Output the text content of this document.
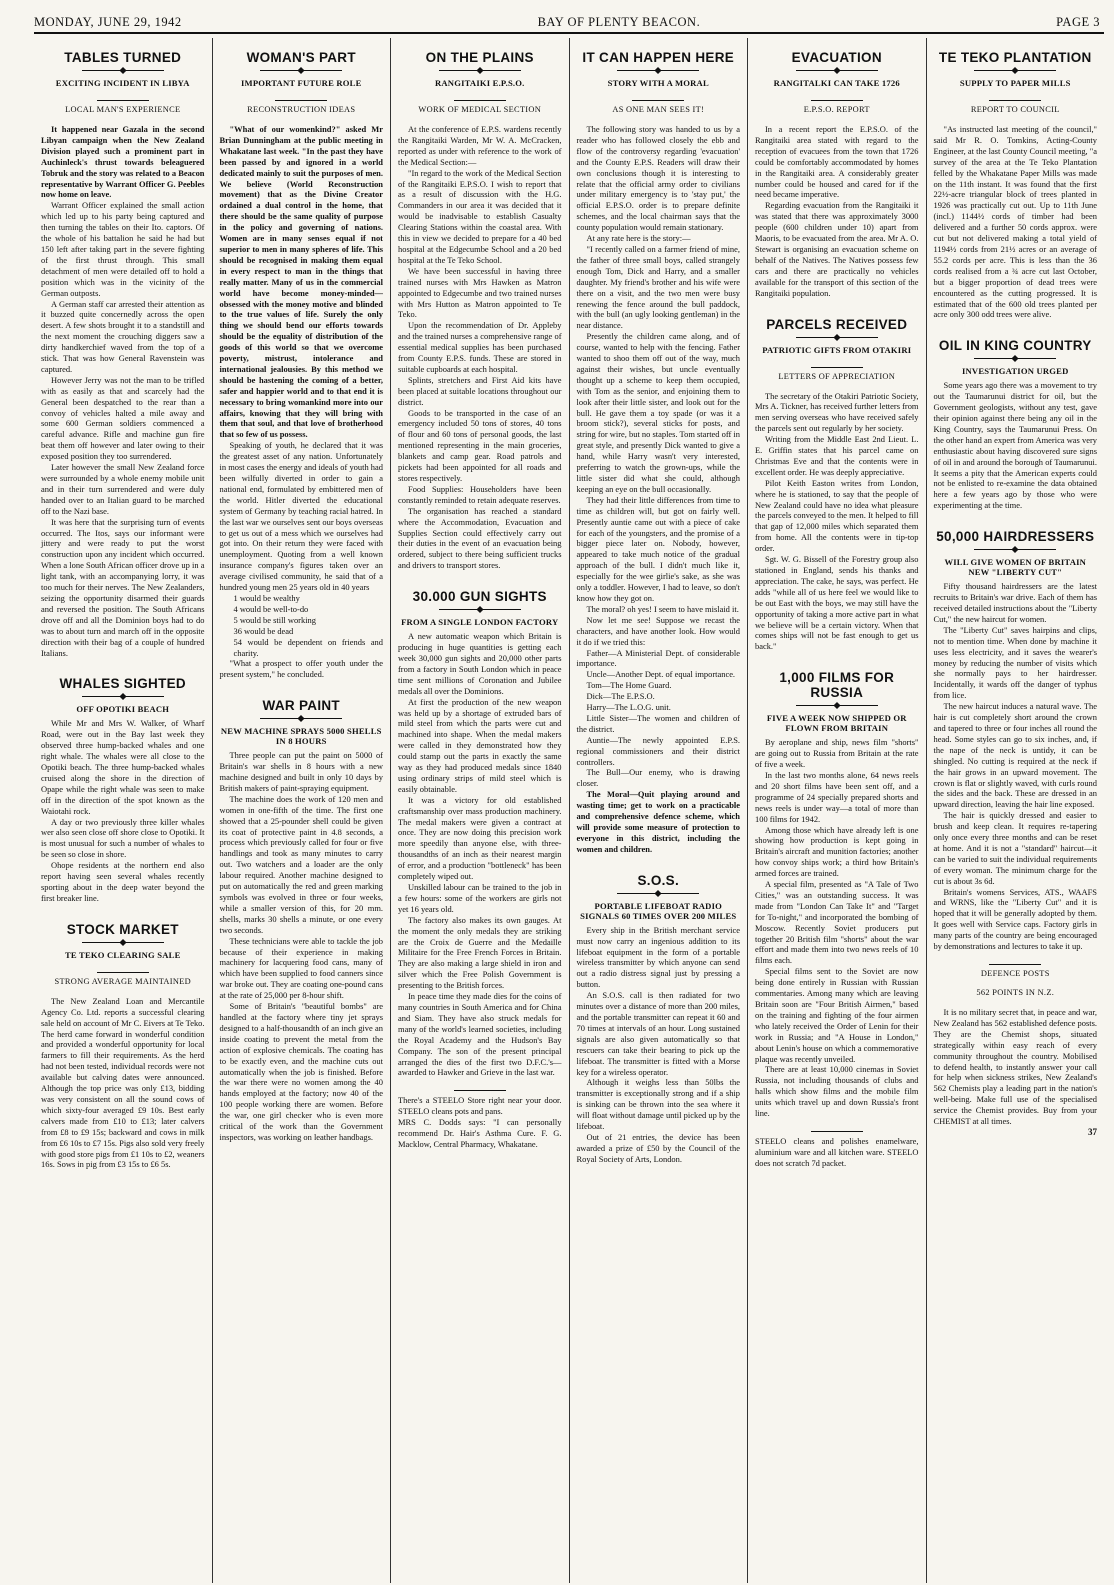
MONDAY, JUNE 29, 1942	BAY OF PLENTY BEACON.	PAGE 3
TABLES TURNED
EXCITING INCIDENT IN LIBYA
LOCAL MAN'S EXPERIENCE

It happened near Gazala in the second Libyan campaign when the New Zealand Division played such a prominent part in Auchinleck's thrust towards beleaguered Tobruk and the story was related to a Beacon representative by Warrant Officer G. Peebles now home on leave.

Warrant Officer explained the small action which led up to his party being captured and then turning the tables on their Ito. captors. Of the whole of his battalion he said he had but 150 left after taking part in the severe fighting of the first thrust through. This small detachment of men were detailed off to hold a position which was in the vicinity of the German outposts.

A German staff car arrested their attention as it buzzed quite concernedly across the open desert. A few shots brought it to a standstill and the next moment the crouching diggers saw a dirty handkerchief waved from the top of a stick. That was how General Ravenstein was captured.

However Jerry was not the man to be trifled with as easily as that and scarcely had the General been despatched to the rear than a convoy of vehicles halted a mile away and some 600 German soldiers commenced a careful advance. Rifle and machine gun fire beat them off however and later owing to their exposed position they too surrendered.

Later however the small New Zealand force were surrounded by a whole enemy mobile unit and in their turn surrendered and were duly handed over to an Italian guard to be marched off to the Nazi base.

It was here that the surprising turn of events occurred. The Itos, says our informant were jittery and were ready to put the worst construction upon any incident which occurred. When a lone South African officer drove up in a light tank, with an accompanying lorry, it was too much for their nerves. The New Zealanders, seizing the opportunity disarmed their guards and reversed the position. The South Africans drove off and all the Dominion boys had to do was to about turn and march off in the opposite direction with their bag of a couple of hundred Italians.

WHALES SIGHTED
OFF OPOTIKI BEACH

While Mr and Mrs W. Walker, of Wharf Road, were out in the Bay last week they observed three hump-backed whales and one right whale. The whales were all close to the Opotiki beach. The three hump-backed whales cruised along the shore in the direction of Opape while the right whale was seen to make off in the direction of the spot known as the Waiotahi rock.

A day or two previously three killer whales wer also seen close off shore close to Opotiki. It is most unusual for such a number of whales to be seen so close in shore.

Ohope residents at the northern end also report having seen several whales recently sporting about in the deep water beyond the first breaker line.

STOCK MARKET
TE TEKO CLEARING SALE
STRONG AVERAGE MAINTAINED

The New Zealand Loan and Mercantile Agency Co. Ltd. reports a successful clearing sale held on account of Mr C. Eivers at Te Teko. The herd came forward in wonderful condition and provided a wonderful opportunity for local farmers to fill their requirements. As the herd had not been tested, individual records were not available but calving dates were announced. Although the top price was only £13, bidding was very consistent on all the sound cows of which sixty-four averaged £9 10s. Best early calvers made from £10 to £13; later calvers from £8 to £9 15s; backward and cows in milk from £6 10s to £7 15s. Pigs also sold very freely with good store pigs from £1 10s to £2, weaners 16s. Sows in pig from £3 15s to £6 5s.

WOMAN'S PART
IMPORTANT FUTURE ROLE
RECONSTRUCTION IDEAS

"What of our womenkind?" asked Mr Brian Dunningham at the public meeting in Whakatane last week. "In the past they have been passed by and ignored in a world dedicated mainly to suit the purposes of men. We believe (World Reconstruction movement) that as the Divine Creator ordained a dual control in the home, that there should be the same quality of purpose in the policy and governing of nations. Women are in many senses equal if not superior to men in many spheres of life. This should be recognised in making them equal in every respect to man in the things that really matter. Many of us in the commercial world have become money-minded—obsessed with the money motive and blinded to the true values of life. Surely the only thing we should bend our efforts towards should be the equality of distribution of the goods of this world so that we overcome poverty, mistrust, intolerance and international jealousies. By this method we should be hastening the coming of a better, safer and happier world and to that end it is necessary to bring womankind more into our affairs, knowing that they will bring with them that soul, and that love of brotherhood that so few of us possess.

Speaking of youth, he declared that it was the greatest asset of any nation. Unfortunately in most cases the energy and ideals of youth had been wilfully diverted in order to gain a national end, formulated by embittered men of the world. Hitler diverted the educational system of Germany by teaching racial hatred. In the last war we ourselves sent our boys overseas to get us out of a mess which we ourselves had got into. On their return they were faced with unemployment. Quoting from a well known insurance company's figures taken over an average civilised community, he said that of a hundred young men 25 years old in 40 years

1 would be wealthy

4 would be well-to-do

5 would be still working

36 would be dead

54 would be dependent on friends and charity.

"What a prospect to offer youth under the present system," he concluded.

WAR PAINT
NEW MACHINE SPRAYS 5000 SHELLS IN 8 HOURS

Three people can put the paint on 5000 of Britain's war shells in 8 hours with a new machine designed and built in only 10 days by British makers of paint-spraying equipment.

The machine does the work of 120 men and women in one-fifth of the time. The first one showed that a 25-pounder shell could be given its coat of protective paint in 4.8 seconds, a process which previously called for four or five handlings and took as many minutes to carry out. Two watchers and a loader are the only labour required. Another machine designed to put on automatically the red and green marking symbols was evolved in three or four weeks, while a smaller version of this, for 20 mm. shells, marks 30 shells a minute, or one every two seconds.

These technicians were able to tackle the job because of their experience in making machinery for lacquering food cans, many of which have been supplied to food canners since war broke out. They are coating one-pound cans at the rate of 25,000 per 8-hour shift.

Some of Britain's "beautiful bombs" are handled at the factory where tiny jet sprays designed to a half-thousandth of an inch give an inside coating to prevent the metal from the action of explosive chemicals. The coating has to be exactly even, and the machine cuts out automatically when the job is finished. Before the war there were no women among the 40 hands employed at the factory; now 40 of the 100 people working there are women. Before the war, one girl checker who is even more critical of the work than the Government inspectors, was working on leather handbags.

ON THE PLAINS
RANGITAIKI E.P.S.O.
WORK OF MEDICAL SECTION

At the conference of E.P.S. wardens recently the Rangitaiki Warden, Mr W. A. McCracken, reported as under with reference to the work of the Medical Section:—

"In regard to the work of the Medical Section of the Rangitaiki E.P.S.O. I wish to report that as a result of discussion with the H.G. Commanders in our area it was decided that it would be inadvisable to establish Casualty Clearing Stations within the coastal area. With this in view we decided to prepare for a 40 bed hospital at the Edgecumbe School and a 20 bed hospital at the Te Teko School.

We have been successful in having three trained nurses with Mrs Hawken as Matron appointed to Edgecumbe and two trained nurses with Mrs Hutton as Matron appointed to Te Teko.

Upon the recommendation of Dr. Appleby and the trained nurses a comprehensive range of essential medical supplies has been purchased from County E.P.S. funds. These are stored in suitable cupboards at each hospital.

Splints, stretchers and First Aid kits have been placed at suitable locations throughout our district.

Goods to be transported in the case of an emergency included 50 tons of stores, 40 tons of flour and 60 tons of personal goods, the last mentioned representing in the main groceries, blankets and camp gear. Road patrols and pickets had been appointed for all roads and stores respectively.

Food Supplies: Householders have been constantly reminded to retain adequate reserves.

The organisation has reached a standard where the Accommodation, Evacuation and Supplies Section could effectively carry out their duties in the event of an evacuation being ordered, subject to there being sufficient trucks and drivers to transport stores.

30.000 GUN SIGHTS
FROM A SINGLE LONDON FACTORY

A new automatic weapon which Britain is producing in huge quantities is getting each week 30,000 gun sights and 20,000 other parts from a factory in South London which in peace time sent millions of Coronation and Jubilee medals all over the Dominions.

At first the production of the new weapon was held up by a shortage of extruded bars of mild steel from which the parts were cut and machined into shape. When the medal makers were called in they demonstrated how they could stamp out the parts in exactly the same way as they had produced medals since 1840 using ordinary strips of mild steel which is easily obtainable.

It was a victory for old established craftsmanship over mass production machinery. The medal makers were given a contract at once. They are now doing this precision work more speedily than anyone else, with three-thousandths of an inch as their nearest margin of error, and a production "bottleneck" has been completely wiped out.

Unskilled labour can be trained to the job in a few hours: some of the workers are girls not yet 16 years old.

The factory also makes its own gauges. At the moment the only medals they are striking are the Croix de Guerre and the Medaille Militaire for the Free French Forces in Britain. They are also making a large shield in iron and silver which the Free Polish Government is presenting to the British forces.

In peace time they made dies for the coins of many countries in South America and for China and Siam. They have also struck medals for many of the world's learned societies, including the Royal Academy and the Hudson's Bay Company. The son of the present principal arranged the dies of the first two D.F.C.'s—awarded to Hawker and Grieve in the last war.

There's a STEELO Store right near your door. STEELO cleans pots and pans.

MRS C. Dodds says: "I can personally recommend Dr. Hair's Asthma Cure. F. G. Macklow, Central Pharmacy, Whakatane.

IT CAN HAPPEN HERE
STORY WITH A MORAL
AS ONE MAN SEES IT!

The following story was handed to us by a reader who has followed closely the ebb and flow of the controversy regarding 'evacuation' and the County E.P.S. Readers will draw their own conclusions though it is interesting to relate that the official army order to civilians under military emergency is to 'stay put,' the official E.P.S.O. order is to prepare definite schemes, and the local chairman says that the county population would remain stationary.

At any rate here is the story:—

"I recently called on a farmer friend of mine, the father of three small boys, called strangely enough Tom, Dick and Harry, and a smaller daughter. My friend's brother and his wife were there on a visit, and the two men were busy renewing the fence around the bull paddock, with the bull (an ugly looking gentleman) in the near distance.

Presently the children came along, and of course, wanted to help with the fencing. Father wanted to shoo them off out of the way, much against their wishes, but uncle eventually thought up a scheme to keep them occupied, with Tom as the senior, and enjoining them to look after their little sister, and look out for the bull. He gave them a toy spade (or was it a broom stick?), several sticks for posts, and string for wire, but no staples. Tom started off in great style, and presently Dick wanted to give a hand, while Harry wasn't very interested, preferring to watch the grown-ups, while the little sister did what she could, although keeping an eye on the bull occasionally.

They had their little differences from time to time as children will, but got on fairly well. Presently auntie came out with a piece of cake for each of the youngsters, and the promise of a bigger piece later on. Nobody, however, appeared to take much notice of the gradual approach of the bull. I didn't much like it, especially for the wee girlie's sake, as she was only a toddler. However, I had to leave, so don't know how they got on.

The moral? oh yes! I seem to have mislaid it.

Now let me see! Suppose we recast the characters, and have another look. How would it do if we tried this:

Father—A Ministerial Dept. of considerable importance.

Uncle—Another Dept. of equal importance.

Tom—The Home Guard.

Dick—The E.P.S.O.

Harry—The L.O.G. unit.

Little Sister—The women and children of the district.

Auntie—The newly appointed E.P.S. regional commissioners and their district controllers.

The Bull—Our enemy, who is drawing closer.

The Moral—Quit playing around and wasting time; get to work on a practicable and comprehensive defence scheme, which will provide some measure of protection to everyone in this district, including the women and children.

S.O.S.
PORTABLE LIFEBOAT RADIO SIGNALS 60 TIMES OVER 200 MILES

Every ship in the British merchant service must now carry an ingenious addition to its lifeboat equipment in the form of a portable wireless transmitter by which anyone can send out a radio distress signal just by pressing a button.

An S.O.S. call is then radiated for two minutes over a distance of more than 200 miles, and the portable transmitter can repeat it 60 and 70 times at intervals of an hour. Long sustained signals are also given automatically so that rescuers can take their bearing to pick up the lifeboat. The transmitter is fitted with a Morse key for a wireless operator.

Although it weighs less than 50lbs the transmitter is exceptionally strong and if a ship is sinking can be thrown into the sea where it will float without damage until picked up by the lifeboat.

Out of 21 entries, the device has been awarded a prize of £50 by the Council of the Royal Society of Arts, London.

EVACUATION
RANGITALKI CAN TAKE 1726
E.P.S.O. REPORT

In a recent report the E.P.S.O. of the Rangitaiki area stated with regard to the reception of evacuees from the town that 1726 could be comfortably accommodated by homes in the Rangitaiki area. A considerably greater number could be housed and cared for if the need became imperative.

Regarding evacuation from the Rangitaiki it was stated that there was approximately 3000 people (600 children under 10) apart from Maoris, to be evacuated from the area. Mr A. O. Stewart is organising an evacuation scheme on behalf of the Natives. The Natives possess few cars and there are practically no vehicles available for the transport of this section of the Rangitaiki population.

PARCELS RECEIVED
PATRIOTIC GIFTS FROM OTAKIRI
LETTERS OF APPRECIATION

The secretary of the Otakiri Patriotic Society, Mrs A. Tickner, has received further letters from men serving overseas who have received safely the parcels sent out regularly by her society.

Writing from the Middle East 2nd Lieut. L. E. Griffin states that his parcel came on Christmas Eve and that the contents were in excellent order. He was deeply appreciative.

Pilot Keith Easton writes from London, where he is stationed, to say that the people of New Zealand could have no idea what pleasure the parcels conveyed to the men. It helped to fill that gap of 12,000 miles which separated them from home. All the contents were in tip-top order.

Sgt. W. G. Bissell of the Forestry group also stationed in England, sends his thanks and appreciation. The cake, he says, was perfect. He adds "while all of us here feel we would like to be out East with the boys, we may still have the opportunity of taking a more active part in what we believe will be a certain victory. When that comes ships will not be fast enough to get us back."

1,000 FILMS FOR RUSSIA
FIVE A WEEK NOW SHIPPED OR FLOWN FROM BRITAIN

By aeroplane and ship, news film "shorts" are going out to Russia from Britain at the rate of five a week.

In the last two months alone, 64 news reels and 20 short films have been sent off, and a programme of 24 specially prepared shorts and news reels is under way—a total of more than 100 films for 1942.

Among those which have already left is one showing how production is kept going in Britain's aircraft and munition factories; another how convoy ships work; a third how Britain's armed forces are trained.

A special film, presented as "A Tale of Two Cities," was an outstanding success. It was made from "London Can Take It" and "Target for To-night," and incorporated the bombing of Moscow. Recently Soviet producers put together 20 British film "shorts" about the war effort and made them into two news reels of 10 films each.

Special films sent to the Soviet are now being done entirely in Russian with Russian commentaries. Among many which are leaving Britain soon are "Four British Airmen," based on the training and fighting of the four airmen who lately received the Order of Lenin for their work in Russia; and "A House in London," about Lenin's house on which a commemorative plaque was recently unveiled.

There are at least 10,000 cinemas in Soviet Russia, not including thousands of clubs and halls which show films and the mobile film units which travel up and down Russia's front line.

STEELO cleans and polishes enamelware, aluminium ware and all kitchen ware. STEELO does not scratch 7d packet.

TE TEKO PLANTATION
SUPPLY TO PAPER MILLS
REPORT TO COUNCIL

"As instructed last meeting of the council," said Mr R. O. Tomkins, Acting-County Engineer, at the last County Council meeting, "a survey of the area at the Te Teko Plantation felled by the Whakatane Paper Mills was made on the 11th instant. It was found that the first 22½-acre triangular block of trees planted in 1926 was practically cut out. Up to 11th June (incl.) 1144½ cords of timber had been delivered and a further 50 cords approx. were cut but not delivered making a total yield of 1194½ cords from 21½ acres or an average of 55.2 cords per acre. This is less than the 36 cords realised from a ¾ acre cut last October, but a bigger proportion of dead trees were encountered as the cutting progressed. It is estimated that of the 600 old trees planted per acre only 300 odd trees were alive.

OIL IN KING COUNTRY
INVESTIGATION URGED

Some years ago there was a movement to try out the Taumarunui district for oil, but the Government geologists, without any test, gave their opinion against there being any oil in the King Country, says the Taumarunui Press. On the other hand an expert from America was very enthusiastic about having discovered sure signs of oil in and around the borough of Taumarunui. It seems a pity that the American experts could not be enlisted to re-examine the data obtained here a few years ago by those who were experimenting at the time.

50,000 HAIRDRESSERS
WILL GIVE WOMEN OF BRITAIN NEW "LIBERTY CUT"

Fifty thousand hairdressers are the latest recruits to Britain's war drive. Each of them has received detailed instructions about the "Liberty Cut," the new haircut for women.

The "Liberty Cut" saves hairpins and clips, not to mention time. When done by machine it uses less electricity, and it saves the wearer's money by reducing the number of visits which she normally pays to her hairdresser. Incidentally, it wards off the danger of typhus from lice.

The new haircut induces a natural wave. The hair is cut completely short around the crown and tapered to three or four inches all round the head. Some styles can go to six inches, and, if the nape of the neck is untidy, it can be shingled. No cutting is required at the neck if the hair grows in an upward movement. The crown is flat or slightly waved, with curls round the sides and the back. These are dressed in an upward direction, leaving the hair line exposed.

The hair is quickly dressed and easier to brush and keep clean. It requires re-tapering only once every three months and can be reset at home. And it is not a "standard" haircut—it can be varied to suit the individual requirements of every woman. The minimum charge for the cut is about 3s 6d.

Britain's womens Services, ATS., WAAFS and WRNS, like the "Liberty Cut" and it is hoped that it will be generally adopted by them. It goes well with Service caps. Factory girls in many parts of the country are being encouraged by demonstrations and lectures to take it up.

DEFENCE POSTS
562 POINTS IN N.Z.

It is no military secret that, in peace and war, New Zealand has 562 established defence posts. They are the Chemist shops, situated strategically within easy reach of every community throughout the country. Mobilised to defend health, to instantly answer your call for help when sickness strikes, New Zealand's 562 Chemists play a leading part in the nation's well-being. Make full use of the specialised service the Chemist provides. Buy from your CHEMIST at all times.

37
